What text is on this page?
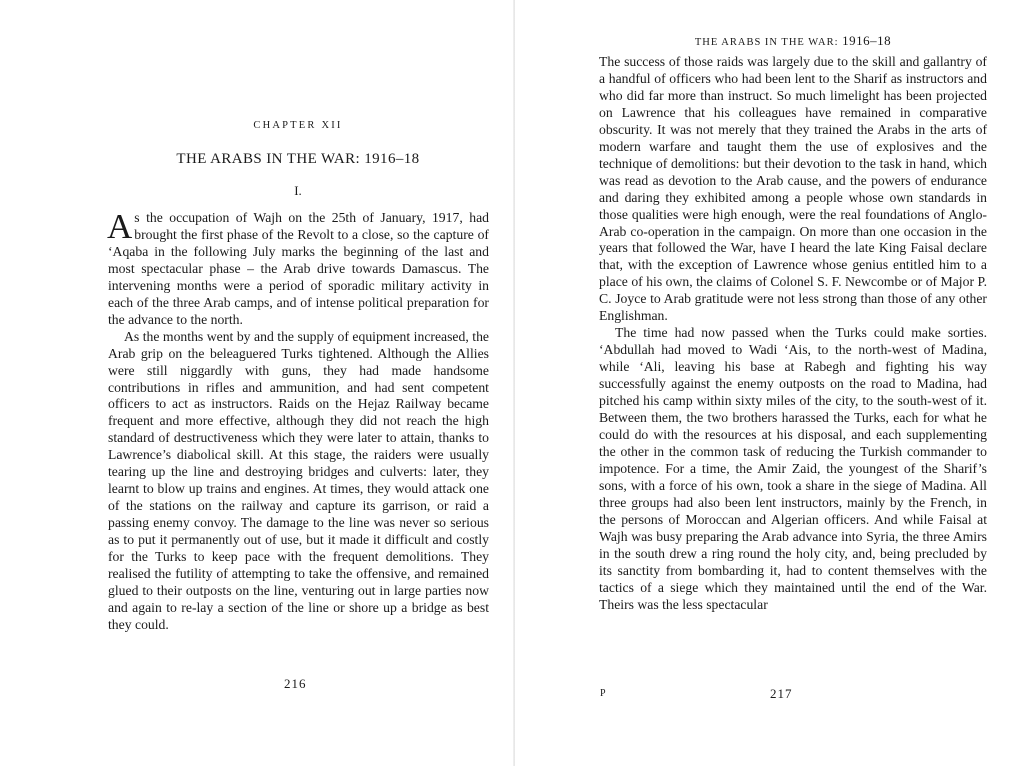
CHAPTER XII
THE ARABS IN THE WAR: 1916–18
I.

As the occupation of Wajh on the 25th of January, 1917, had brought the first phase of the Revolt to a close, so the capture of ‘Aqaba in the following July marks the beginning of the last and most spectacular phase – the Arab drive towards Damascus. The intervening months were a period of sporadic military activity in each of the three Arab camps, and of intense political preparation for the advance to the north.

As the months went by and the supply of equipment increased, the Arab grip on the beleaguered Turks tightened. Although the Allies were still niggardly with guns, they had made handsome contributions in rifles and ammunition, and had sent competent officers to act as instructors. Raids on the Hejaz Railway became frequent and more effective, although they did not reach the high standard of destructiveness which they were later to attain, thanks to Lawrence’s diabolical skill. At this stage, the raiders were usually tearing up the line and destroying bridges and culverts: later, they learnt to blow up trains and engines. At times, they would attack one of the stations on the railway and capture its garrison, or raid a passing enemy convoy. The damage to the line was never so serious as to put it permanently out of use, but it made it difficult and costly for the Turks to keep pace with the frequent demolitions. They realised the futility of attempting to take the offensive, and remained glued to their outposts on the line, venturing out in large parties now and again to re-lay a section of the line or shore up a bridge as best they could.

216
THE ARABS IN THE WAR: 1916–18

The success of those raids was largely due to the skill and gallantry of a handful of officers who had been lent to the Sharif as instructors and who did far more than instruct. So much limelight has been projected on Lawrence that his colleagues have remained in comparative obscurity. It was not merely that they trained the Arabs in the arts of modern warfare and taught them the use of explosives and the technique of demolitions: but their devotion to the task in hand, which was read as devotion to the Arab cause, and the powers of endurance and daring they exhibited among a people whose own standards in those qualities were high enough, were the real foundations of Anglo-Arab co-operation in the campaign. On more than one occasion in the years that followed the War, have I heard the late King Faisal declare that, with the exception of Lawrence whose genius entitled him to a place of his own, the claims of Colonel S. F. Newcombe or of Major P. C. Joyce to Arab gratitude were not less strong than those of any other Englishman.

The time had now passed when the Turks could make sorties. ‘Abdullah had moved to Wadi ‘Ais, to the north-west of Madina, while ‘Ali, leaving his base at Rabegh and fighting his way successfully against the enemy outposts on the road to Madina, had pitched his camp within sixty miles of the city, to the south-west of it. Between them, the two brothers harassed the Turks, each for what he could do with the resources at his disposal, and each supplementing the other in the common task of reducing the Turkish commander to impotence. For a time, the Amir Zaid, the youngest of the Sharif’s sons, with a force of his own, took a share in the siege of Madina. All three groups had also been lent instructors, mainly by the French, in the persons of Moroccan and Algerian officers. And while Faisal at Wajh was busy preparing the Arab advance into Syria, the three Amirs in the south drew a ring round the holy city, and, being precluded by its sanctity from bombarding it, had to content themselves with the tactics of a siege which they maintained until the end of the War. Theirs was the less spectacular

P	217
